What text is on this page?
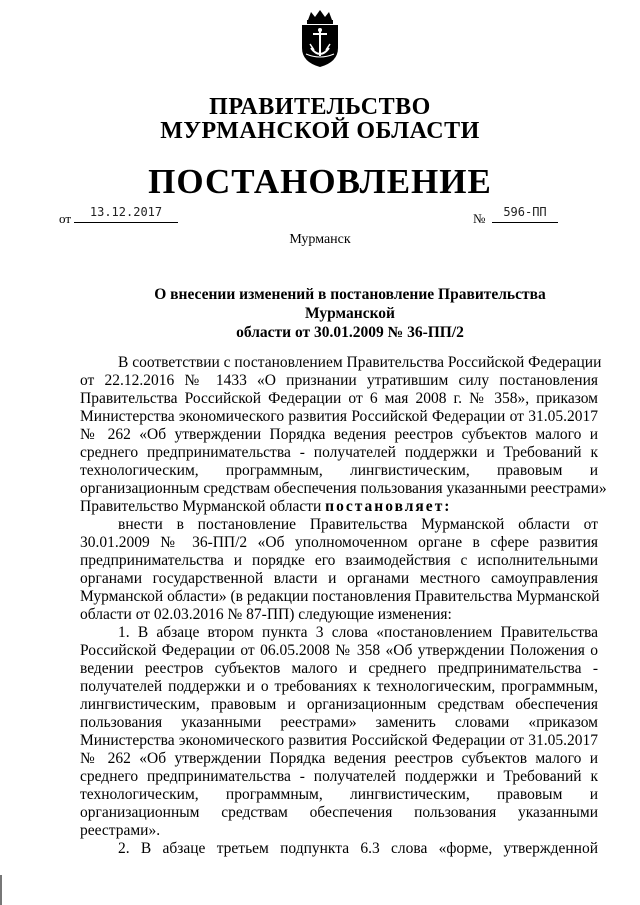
ПРАВИТЕЛЬСТВО
МУРМАНСКОЙ ОБЛАСТИ
ПОСТАНОВЛЕНИЕ
от	13.12.2017	№	596-ПП
Мурманск
О внесении изменений в постановление Правительства Мурманской
области от 30.01.2009 № 36-ПП/2
В соответствии с постановлением Правительства Российской Федерации
от 22.12.2016 № 1433 «О признании утратившим силу постановления
Правительства Российской Федерации от 6 мая 2008 г. № 358», приказом
Министерства экономического развития Российской Федерации от 31.05.2017
№ 262 «Об утверждении Порядка ведения реестров субъектов малого и
среднего предпринимательства - получателей поддержки и Требований к
технологическим, программным, лингвистическим, правовым и
организационным средствам обеспечения пользования указанными реестрами»
Правительство Мурманской области постановляет:
внести в постановление Правительства Мурманской области от
30.01.2009 № 36-ПП/2 «Об уполномоченном органе в сфере развития
предпринимательства и порядке его взаимодействия с исполнительными
органами государственной власти и органами местного самоуправления
Мурманской области» (в редакции постановления Правительства Мурманской
области от 02.03.2016 № 87-ПП) следующие изменения:
1. В абзаце втором пункта 3 слова «постановлением Правительства
Российской Федерации от 06.05.2008 № 358 «Об утверждении Положения о
ведении реестров субъектов малого и среднего предпринимательства -
получателей поддержки и о требованиях к технологическим, программным,
лингвистическим, правовым и организационным средствам обеспечения
пользования указанными реестрами» заменить словами «приказом
Министерства экономического развития Российской Федерации от 31.05.2017
№ 262 «Об утверждении Порядка ведения реестров субъектов малого и
среднего предпринимательства - получателей поддержки и Требований к
технологическим, программным, лингвистическим, правовым и
организационным средствам обеспечения пользования указанными
реестрами».
2. В абзаце третьем подпункта 6.3 слова «форме, утвержденной
